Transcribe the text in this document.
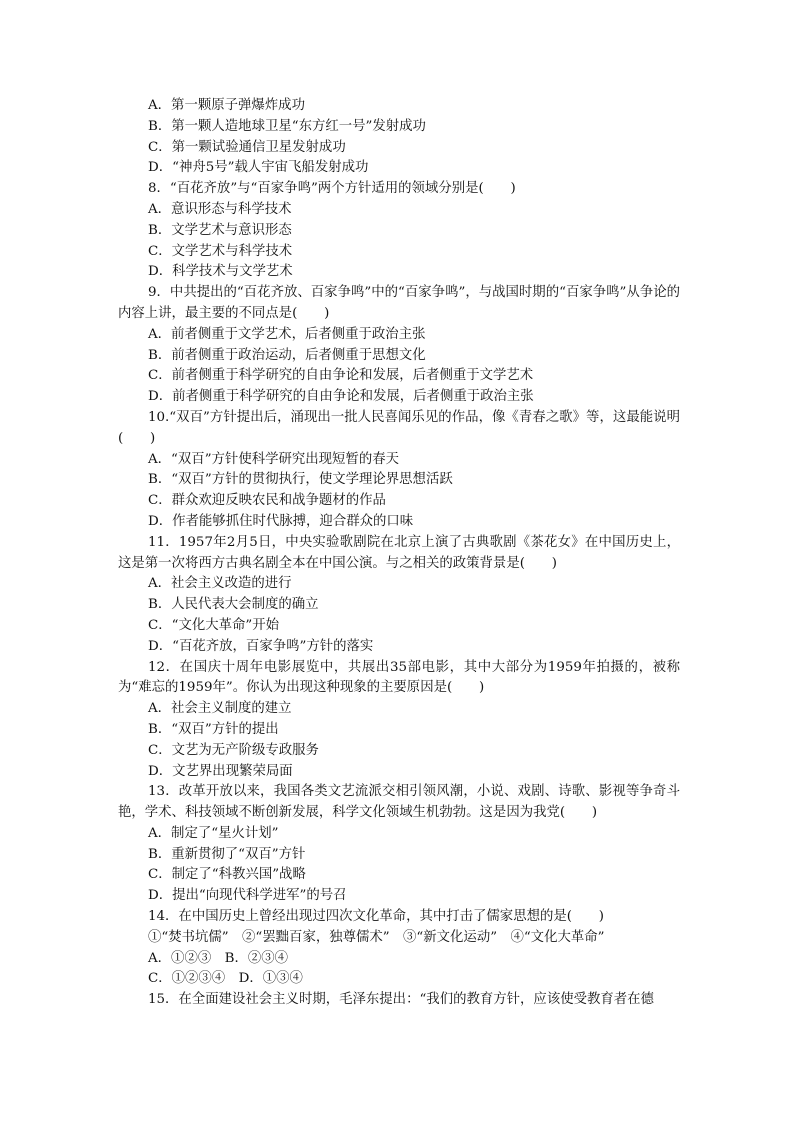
A．第一颗原子弹爆炸成功
B．第一颗人造地球卫星“东方红一号”发射成功
C．第一颗试验通信卫星发射成功
D．“神舟5号”载人宇宙飞船发射成功
8．“百花齐放”与“百家争鸣”两个方针适用的领域分别是(　　)
A．意识形态与科学技术
B．文学艺术与意识形态
C．文学艺术与科学技术
D．科学技术与文学艺术
9．中共提出的“百花齐放、百家争鸣”中的“百家争鸣”，与战国时期的“百家争鸣”从争论的内容上讲，最主要的不同点是(　　)
A．前者侧重于文学艺术，后者侧重于政治主张
B．前者侧重于政治运动，后者侧重于思想文化
C．前者侧重于科学研究的自由争论和发展，后者侧重于文学艺术
D．前者侧重于科学研究的自由争论和发展，后者侧重于政治主张
10.“双百”方针提出后，涌现出一批人民喜闻乐见的作品，像《青春之歌》等，这最能说明(　　)
A．“双百”方针使科学研究出现短暂的春天
B．“双百”方针的贯彻执行，使文学理论界思想活跃
C．群众欢迎反映农民和战争题材的作品
D．作者能够抓住时代脉搏，迎合群众的口味
11．1957年2月5日，中央实验歌剧院在北京上演了古典歌剧《茶花女》在中国历史上，这是第一次将西方古典名剧全本在中国公演。与之相关的政策背景是(　　)
A．社会主义改造的进行
B．人民代表大会制度的确立
C．“文化大革命”开始
D．“百花齐放，百家争鸣”方针的落实
12．在国庆十周年电影展览中，共展出35部电影，其中大部分为1959年拍摄的，被称为“难忘的1959年”。你认为出现这种现象的主要原因是(　　)
A．社会主义制度的建立
B．“双百”方针的提出
C．文艺为无产阶级专政服务
D．文艺界出现繁荣局面
13．改革开放以来，我国各类文艺流派交相引领风潮，小说、戏剧、诗歌、影视等争奇斗艳，学术、科技领域不断创新发展，科学文化领域生机勃勃。这是因为我党(　　)
A．制定了“星火计划”
B．重新贯彻了“双百”方针
C．制定了“科教兴国”战略
D．提出“向现代科学进军”的号召
14．在中国历史上曾经出现过四次文化革命，其中打击了儒家思想的是(　　)
①“焚书坑儒”　②“罢黜百家，独尊儒术”　③“新文化运动”　④“文化大革命”
A．①②③　B．②③④
C．①②③④　D．①③④
15．在全面建设社会主义时期，毛泽东提出：“我们的教育方针，应该使受教育者在德
